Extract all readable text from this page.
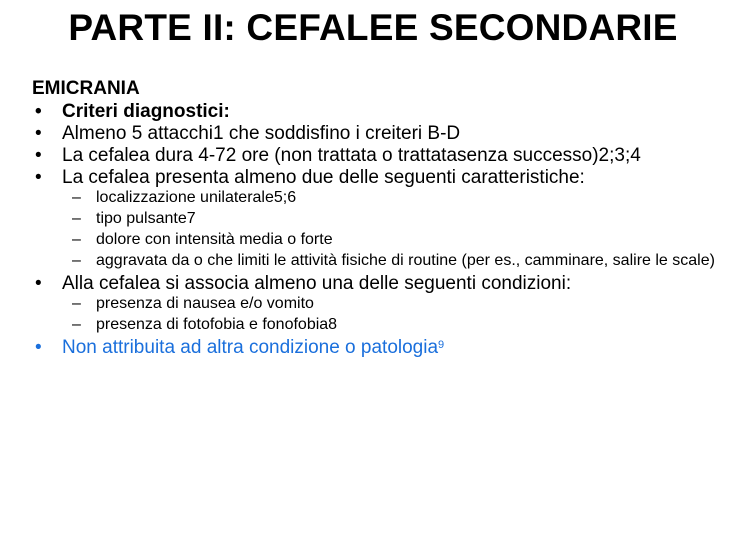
PARTE II: CEFALEE SECONDARIE
EMICRANIA
• Criteri diagnostici:
• Almeno 5 attacchi1 che soddisfino i creiteri B-D
• La cefalea dura 4-72 ore (non trattata o trattatasenza successo)2;3;4
• La cefalea presenta almeno due delle seguenti caratteristiche:
– localizzazione unilaterale5;6
– tipo pulsante7
– dolore con intensità media o forte
– aggravata da o che limiti le attività fisiche di routine (per es., camminare, salire le scale)
• Alla cefalea si associa almeno una delle seguenti condizioni:
– presenza di nausea e/o vomito
– presenza di fotofobia e fonofobia8
• Non attribuita ad altra condizione o patologia$^9$
